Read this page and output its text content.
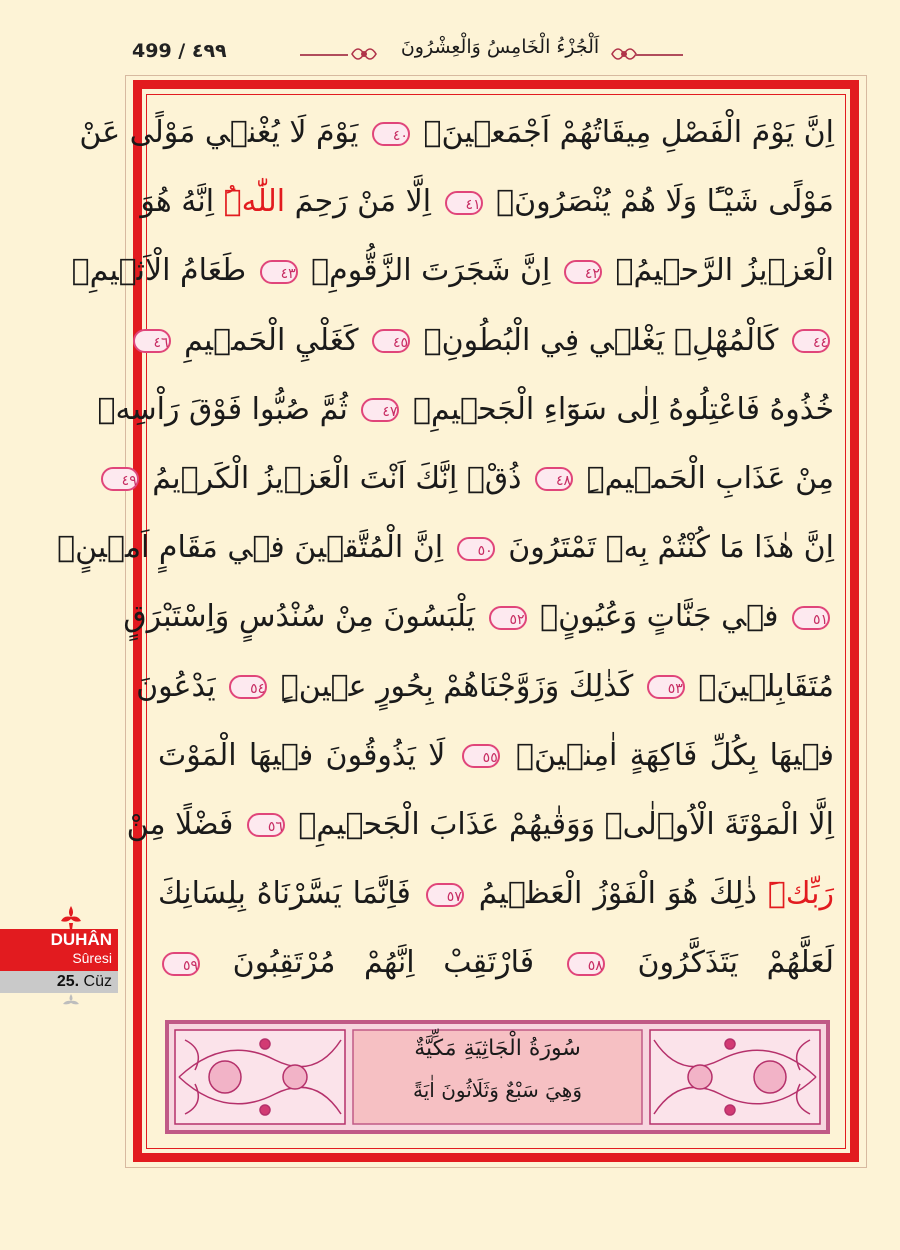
499 / ٤٩٩	اَلْجُزْءُ الْخَامِسُ وَالْعِشْرُونَ
اِنَّ يَوْمَ الْفَصْلِ مِيقَاتُهُمْ اَجْمَع۪ينَۙ ٤٠ يَوْمَ لَا يُغْن۪ي مَوْلًى عَنْ
مَوْلًى شَيْـًٔا وَلَا هُمْ يُنْصَرُونَۙ ٤١ اِلَّا مَنْ رَحِمَ اللّٰهُۜ اِنَّهُ هُوَ
الْعَز۪يزُ الرَّح۪يمُ۟ ٤٢ اِنَّ شَجَرَتَ الزَّقُّومِۙ ٤٣ طَعَامُ الْاَث۪يمِۚ
٤٤ كَالْمُهْلِۚ يَغْل۪ي فِي الْبُطُونِۙ ٤٥ كَغَلْيِ الْحَم۪يمِ ٤٦
خُذُوهُ فَاعْتِلُوهُ اِلٰى سَوَٓاءِ الْجَح۪يمِۗ ٤٧ ثُمَّ صُبُّوا فَوْقَ رَاْسِه۪
مِنْ عَذَابِ الْحَم۪يمِۜ ٤٨ ذُقْۚ اِنَّكَ اَنْتَ الْعَز۪يزُ الْكَر۪يمُ ٤٩
اِنَّ هٰذَا مَا كُنْتُمْ بِه۪ تَمْتَرُونَ ٥٠ اِنَّ الْمُتَّق۪ينَ ف۪ي مَقَامٍ اَم۪ينٍۙ
٥١ ف۪ي جَنَّاتٍ وَعُيُونٍۚ ٥٢ يَلْبَسُونَ مِنْ سُنْدُسٍ وَاِسْتَبْرَقٍ
مُتَقَابِل۪ينَۚ ٥٣ كَذٰلِكَ وَزَوَّجْنَاهُمْ بِحُورٍ ع۪ينٍۜ ٥٤ يَدْعُونَ
ف۪يهَا بِكُلِّ فَاكِهَةٍ اٰمِن۪ينَۙ ٥٥ لَا يَذُوقُونَ ف۪يهَا الْمَوْتَ
اِلَّا الْمَوْتَةَ الْاُو۫لٰىۚ وَوَقٰيهُمْ عَذَابَ الْجَح۪يمِۙ ٥٦ فَضْلًا مِنْ
رَبِّكَۜ ذٰلِكَ هُوَ الْفَوْزُ الْعَظ۪يمُ ٥٧ فَاِنَّمَا يَسَّرْنَاهُ بِلِسَانِكَ
لَعَلَّهُمْ يَتَذَكَّرُونَ ٥٨ فَارْتَقِبْ اِنَّهُمْ مُرْتَقِبُونَ ٥٩
سُورَةُ الْجَاثِيَةِ مَكِّيَّةٌ
وَهِيَ سَبْعٌ وَثَلَاثُونَ اٰيَةً
DUHÂN
Sûresi
25. Cüz
